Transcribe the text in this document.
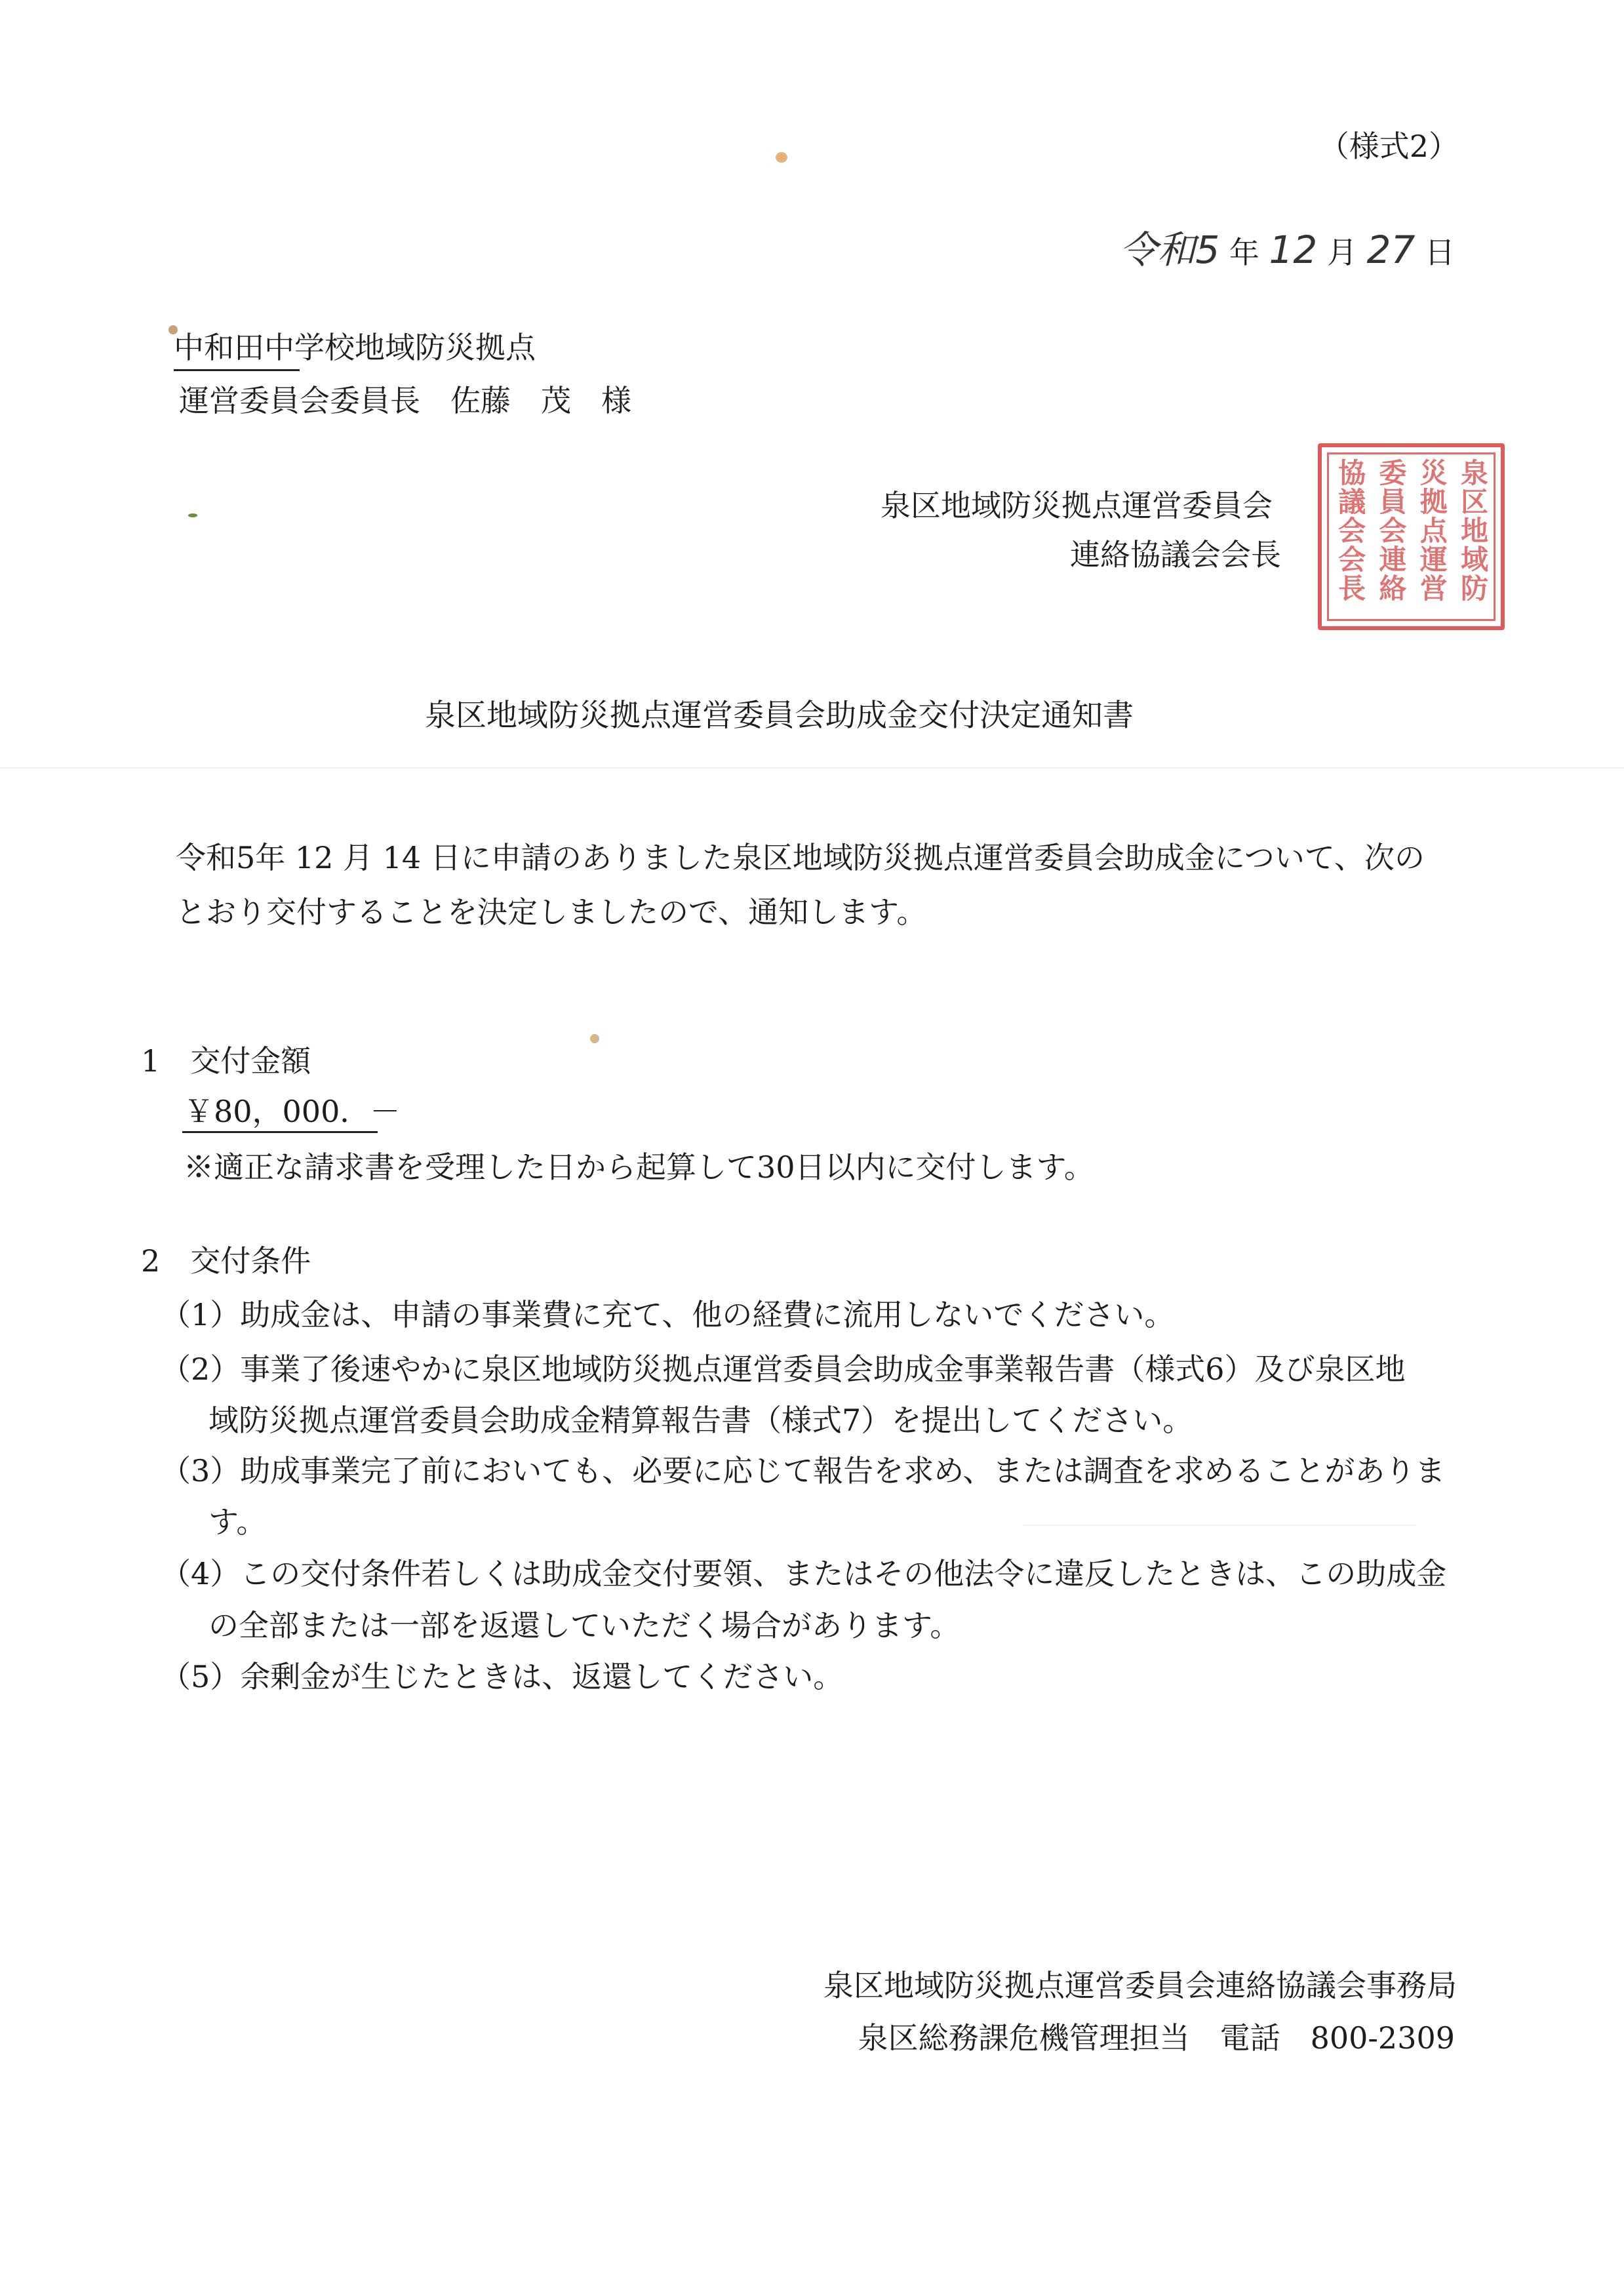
（様式2）
令和5 年 12 月 27 日
中和田中学校地域防災拠点
運営委員会委員長　佐藤　茂　様
泉区地域防災拠点運営委員会
連絡協議会会長	泉区地域防
災拠点運営
委員会連絡
協議会会長
泉区地域防災拠点運営委員会助成金交付決定通知書
令和5年 12 月 14 日に申請のありました泉区地域防災拠点運営委員会助成金について、次の
とおり交付することを決定しましたので、通知します。
1　交付金額
￥80，000．－
※適正な請求書を受理した日から起算して30日以内に交付します。
2　交付条件
（1）助成金は、申請の事業費に充て、他の経費に流用しないでください。
（2）事業了後速やかに泉区地域防災拠点運営委員会助成金事業報告書（様式6）及び泉区地
域防災拠点運営委員会助成金精算報告書（様式7）を提出してください。
（3）助成事業完了前においても、必要に応じて報告を求め、または調査を求めることがありま
す。
（4）この交付条件若しくは助成金交付要領、またはその他法令に違反したときは、この助成金
の全部または一部を返還していただく場合があります。
（5）余剰金が生じたときは、返還してください。
泉区地域防災拠点運営委員会連絡協議会事務局
泉区総務課危機管理担当　電話　800-2309
